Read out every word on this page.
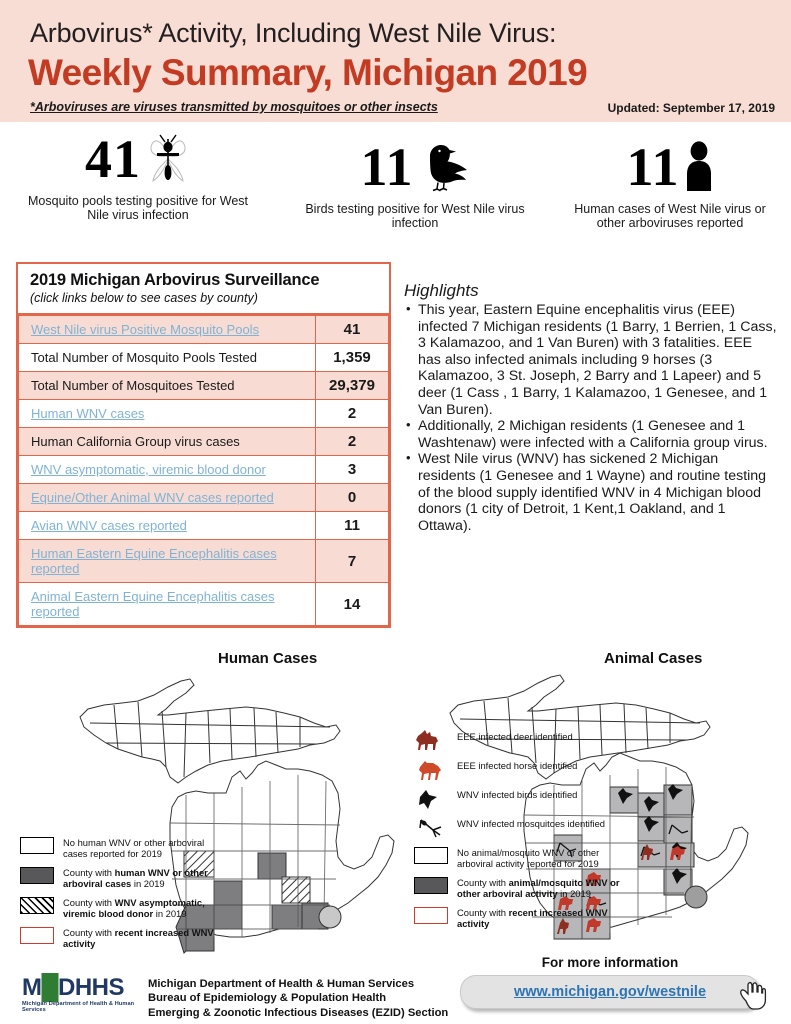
Arbovirus* Activity, Including West Nile Virus:
Weekly Summary, Michigan 2019
*Arboviruses are viruses transmitted by mosquitoes or other insects	Updated: September 17, 2019
41
Mosquito pools testing positive for West Nile virus infection
11
Birds testing positive for West Nile virus infection
11
Human cases of West Nile virus or other arboviruses reported
2019 Michigan Arbovirus Surveillance
(click links below to see cases by county)
West Nile virus Positive Mosquito Pools	41
Total Number of Mosquito Pools Tested	1,359
Total Number of Mosquitoes Tested	29,379
Human WNV cases	2
Human California Group virus cases	2
WNV asymptomatic, viremic blood donor	3
Equine/Other Animal WNV cases reported	0
Avian WNV cases reported	11
Human Eastern Equine Encephalitis cases reported	7
Animal Eastern Equine Encephalitis cases reported	14
Highlights
• This year, Eastern Equine encephalitis virus (EEE) infected 7 Michigan residents (1 Barry, 1 Berrien, 1 Cass, 3 Kalamazoo, and 1 Van Buren) with 3 fatalities. EEE has also infected animals including 9 horses (3 Kalamazoo, 3 St. Joseph, 2 Barry and 1 Lapeer) and 5 deer (1 Cass , 1 Barry, 1 Kalamazoo, 1 Genesee, and 1 Van Buren).
• Additionally, 2 Michigan residents (1 Genesee and 1 Washtenaw) were infected with a California group virus.
• West Nile virus (WNV) has sickened 2 Michigan residents (1 Genesee and 1 Wayne) and routine testing of the blood supply identified WNV in 4 Michigan blood donors (1 city of Detroit, 1 Kent,1 Oakland, and 1 Ottawa).
Human Cases	Animal Cases
No human WNV or other arboviral cases reported for 2019
County with human WNV or other arboviral cases in 2019
County with WNV asymptomatic, viremic blood donor in 2019
County with recent increased WNV activity
EEE infected deer identified
EEE infected horse identified
WNV infected birds identified
WNV infected mosquitoes identified
No animal/mosquito WNV or other arboviral activity reported for 2019
County with animal/mosquito WNV or other arboviral activity in 2019
County with recent increased WNV activity
M█DHHS
Michigan Department of Health & Human Services
Michigan Department of Health & Human Services
Bureau of Epidemiology & Population Health
Emerging & Zoonotic Infectious Diseases (EZID) Section
For more information
www.michigan.gov/westnile
